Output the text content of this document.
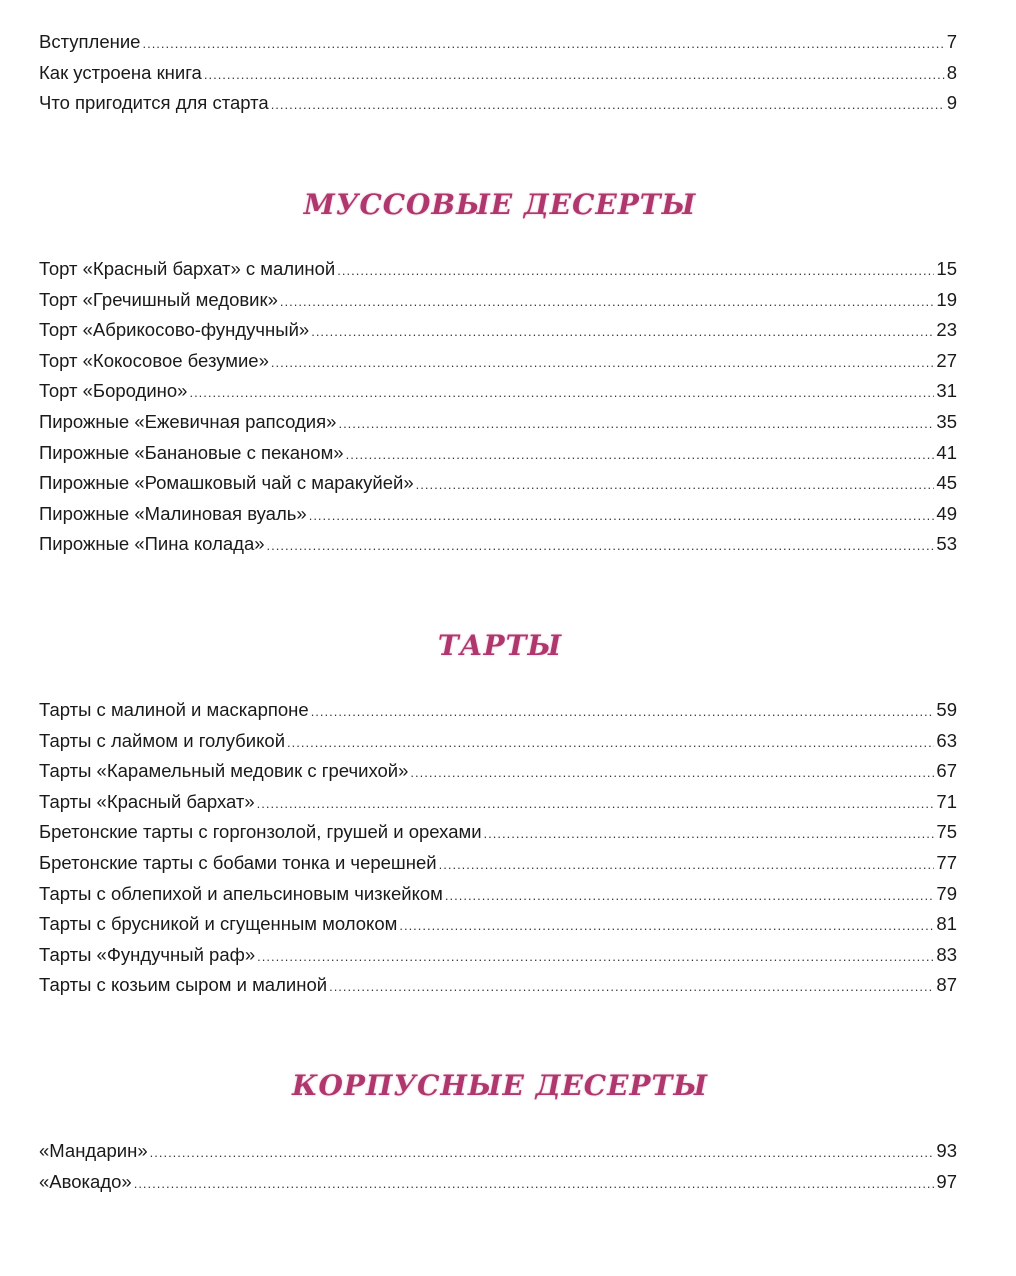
Вступление .....	7
Как устроена книга .....	8
Что пригодится для старта .....	9
МУССОВЫЕ ДЕСЕРТЫ
Торт «Красный бархат» с малиной .....	15
Торт «Гречишный медовик» .....	19
Торт «Абрикосово-фундучный» .....	23
Торт «Кокосовое безумие» .....	27
Торт «Бородино» .....	31
Пирожные «Ежевичная рапсодия» .....	35
Пирожные «Банановые с пеканом» .....	41
Пирожные «Ромашковый чай с маракуйей» .....	45
Пирожные «Малиновая вуаль» .....	49
Пирожные «Пина колада» .....	53
ТАРТЫ
Тарты с малиной и маскарпоне .....	59
Тарты с лаймом и голубикой .....	63
Тарты «Карамельный медовик с гречихой» .....	67
Тарты «Красный бархат» .....	71
Бретонские тарты с горгонзолой, грушей и орехами .....	75
Бретонские тарты с бобами тонка и черешней .....	77
Тарты с облепихой и апельсиновым чизкейком .....	79
Тарты с брусникой и сгущенным молоком .....	81
Тарты «Фундучный раф» .....	83
Тарты с козьим сыром и малиной .....	87
КОРПУСНЫЕ ДЕСЕРТЫ
«Мандарин» .....	93
«Авокадо» .....	97
